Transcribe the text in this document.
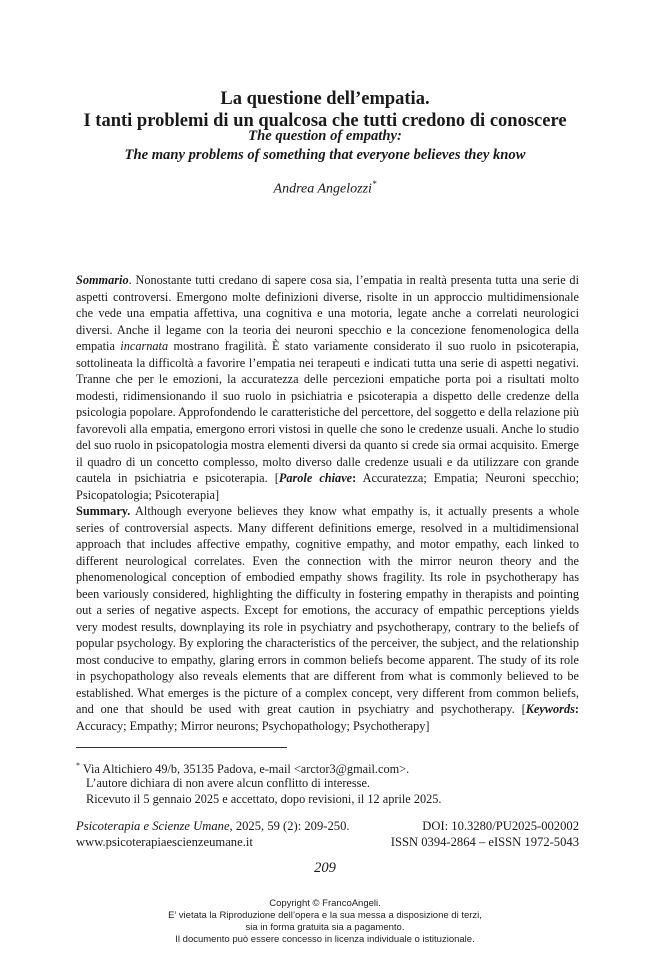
La questione dell’empatia.
I tanti problemi di un qualcosa che tutti credono di conoscere
The question of empathy:
The many problems of something that everyone believes they know
Andrea Angelozzi*
Sommario. Nonostante tutti credano di sapere cosa sia, l’empatia in realtà presenta tutta una serie di aspetti controversi. Emergono molte definizioni diverse, risolte in un approccio multidimensionale che vede una empatia affettiva, una cognitiva e una motoria, legate anche a correlati neurologici diversi. Anche il legame con la teoria dei neuroni specchio e la concezione fenomenologica della empatia incarnata mostrano fragilità. È stato variamente considerato il suo ruolo in psicoterapia, sottolineata la difficoltà a favorire l’empatia nei terapeuti e indicati tutta una serie di aspetti negativi. Tranne che per le emozioni, la accuratezza delle percezioni empatiche porta poi a risultati molto modesti, ridimensionando il suo ruolo in psichiatria e psicoterapia a dispetto delle credenze della psicologia popolare. Approfondendo le caratteristiche del percettore, del soggetto e della relazione più favorevoli alla empatia, emergono errori vistosi in quelle che sono le credenze usuali. Anche lo studio del suo ruolo in psicopatologia mostra elementi diversi da quanto si crede sia ormai acquisito. Emerge il quadro di un concetto complesso, molto diverso dalle credenze usuali e da utilizzare con grande cautela in psichiatria e psicoterapia. [Parole chiave: Accuratezza; Empatia; Neuroni specchio; Psicopatologia; Psicoterapia]
Summary. Although everyone believes they know what empathy is, it actually presents a whole series of controversial aspects. Many different definitions emerge, resolved in a multidimensional approach that includes affective empathy, cognitive empathy, and motor empathy, each linked to different neurological correlates. Even the connection with the mirror neuron theory and the phenomenological conception of embodied empathy shows fragility. Its role in psychotherapy has been variously considered, highlighting the difficulty in fostering empathy in therapists and pointing out a series of negative aspects. Except for emotions, the accuracy of empathic perceptions yields very modest results, downplaying its role in psychiatry and psychotherapy, contrary to the beliefs of popular psychology. By exploring the characteristics of the perceiver, the subject, and the relationship most conducive to empathy, glaring errors in common beliefs become apparent. The study of its role in psychopathology also reveals elements that are different from what is commonly believed to be established. What emerges is the picture of a complex concept, very different from common beliefs, and one that should be used with great caution in psychiatry and psychotherapy. [Keywords: Accuracy; Empathy; Mirror neurons; Psychopathology; Psychotherapy]
* Via Altichiero 49/b, 35135 Padova, e-mail <arctor3@gmail.com>.
L’autore dichiara di non avere alcun conflitto di interesse.
Ricevuto il 5 gennaio 2025 e accettato, dopo revisioni, il 12 aprile 2025.
Psicoterapia e Scienze Umane, 2025, 59 (2): 209-250.	DOI: 10.3280/PU2025-002002
www.psicoterapiaescienzeumane.it	ISSN 0394-2864 – eISSN 1972-5043
209
Copyright © FrancoAngeli.
E’ vietata la Riproduzione dell’opera e la sua messa a disposizione di terzi,
sia in forma gratuita sia a pagamento.
Il documento può essere concesso in licenza individuale o istituzionale.
